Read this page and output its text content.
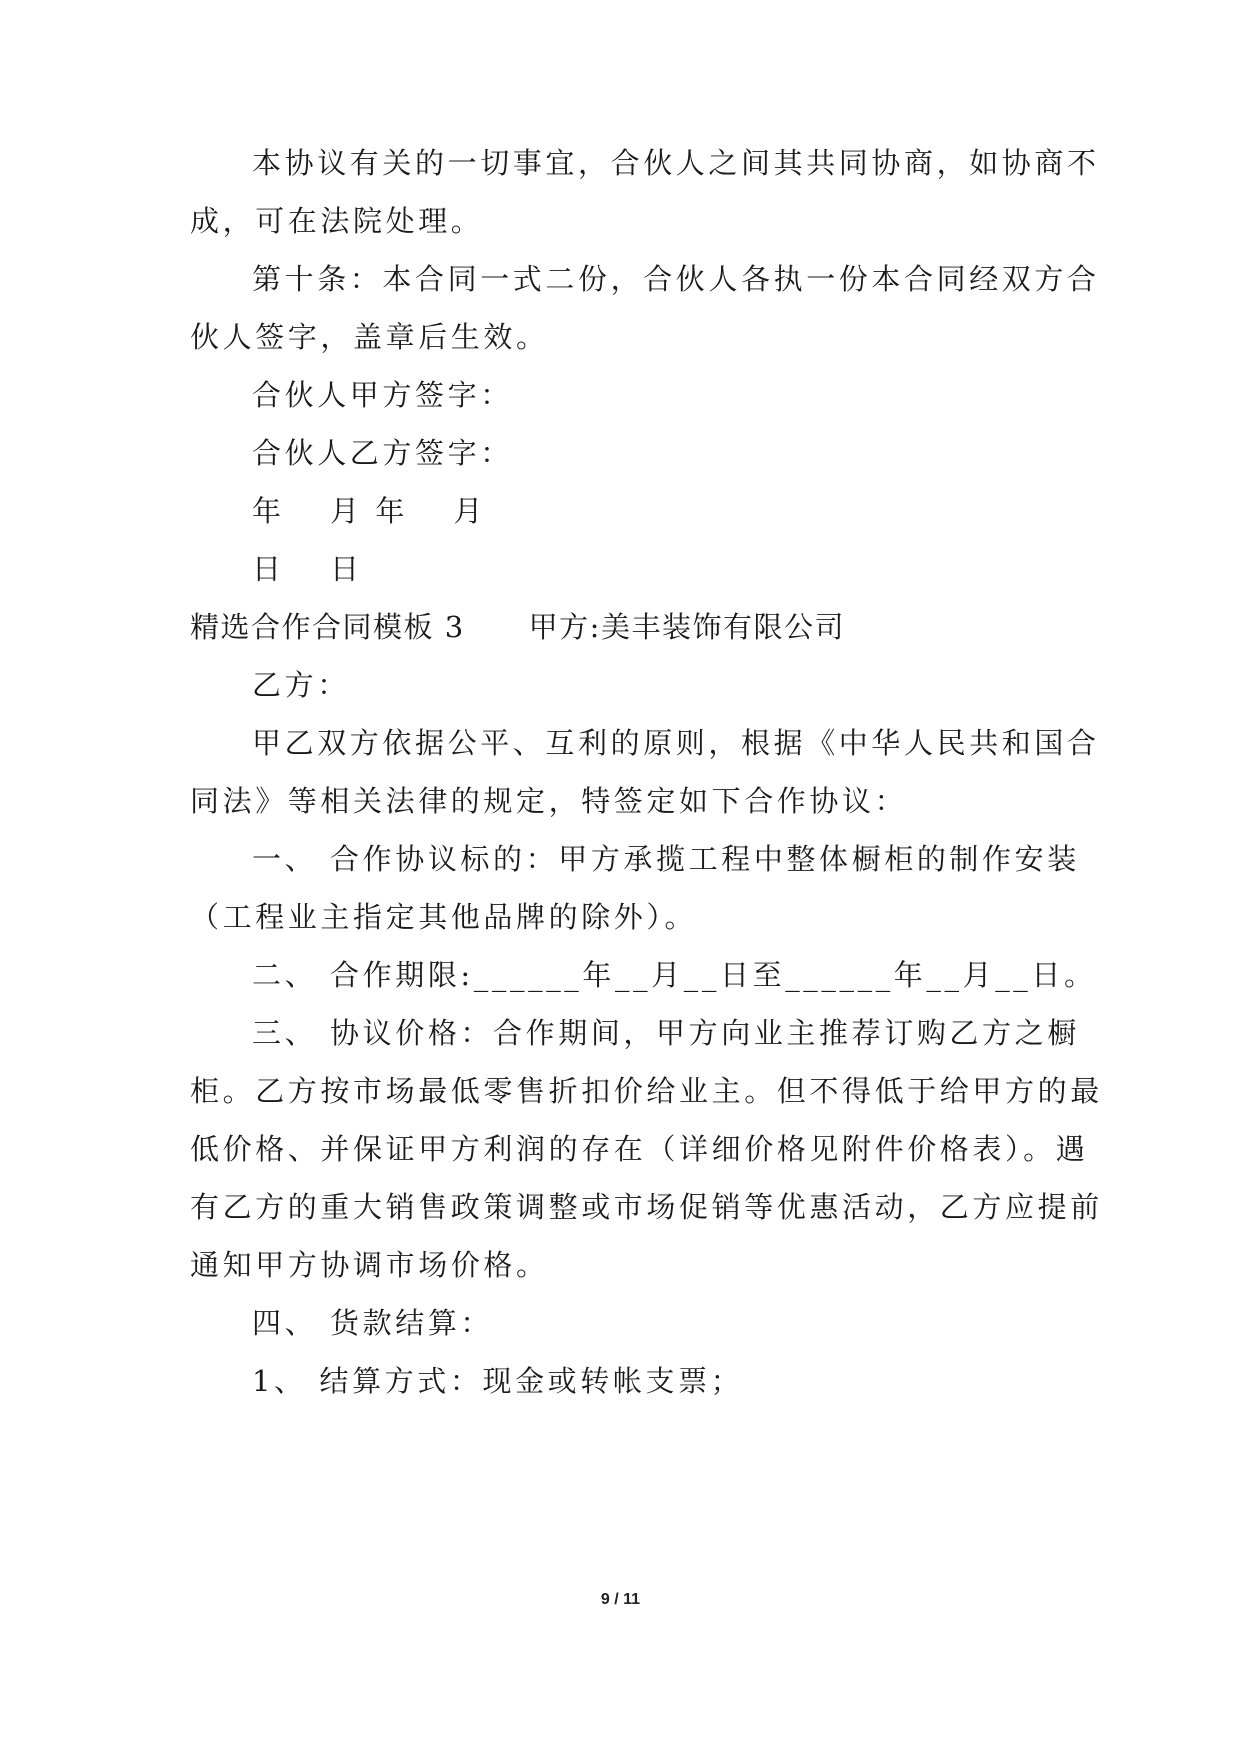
本协议有关的一切事宜，合伙人之间其共同协商，如协商不
成，可在法院处理。
第十条：本合同一式二份，合伙人各执一份本合同经双方合
伙人签字，盖章后生效。
合伙人甲方签字：
合伙人乙方签字：
年　 月 年　 月
日　 日
精选合作合同模板 3 甲方:美丰装饰有限公司
乙方：
甲乙双方依据公平、互利的原则，根据《中华人民共和国合
同法》等相关法律的规定，特签定如下合作协议：
一、 合作协议标的：甲方承揽工程中整体橱柜的制作安装
（工程业主指定其他品牌的除外）。
二、 合作期限:______年__月__日至______年__月__日。
三、 协议价格：合作期间，甲方向业主推荐订购乙方之橱
柜。乙方按市场最低零售折扣价给业主。但不得低于给甲方的最
低价格、并保证甲方利润的存在（详细价格见附件价格表）。遇
有乙方的重大销售政策调整或市场促销等优惠活动，乙方应提前
通知甲方协调市场价格。
四、 货款结算：
1、 结算方式：现金或转帐支票；
9 / 11
